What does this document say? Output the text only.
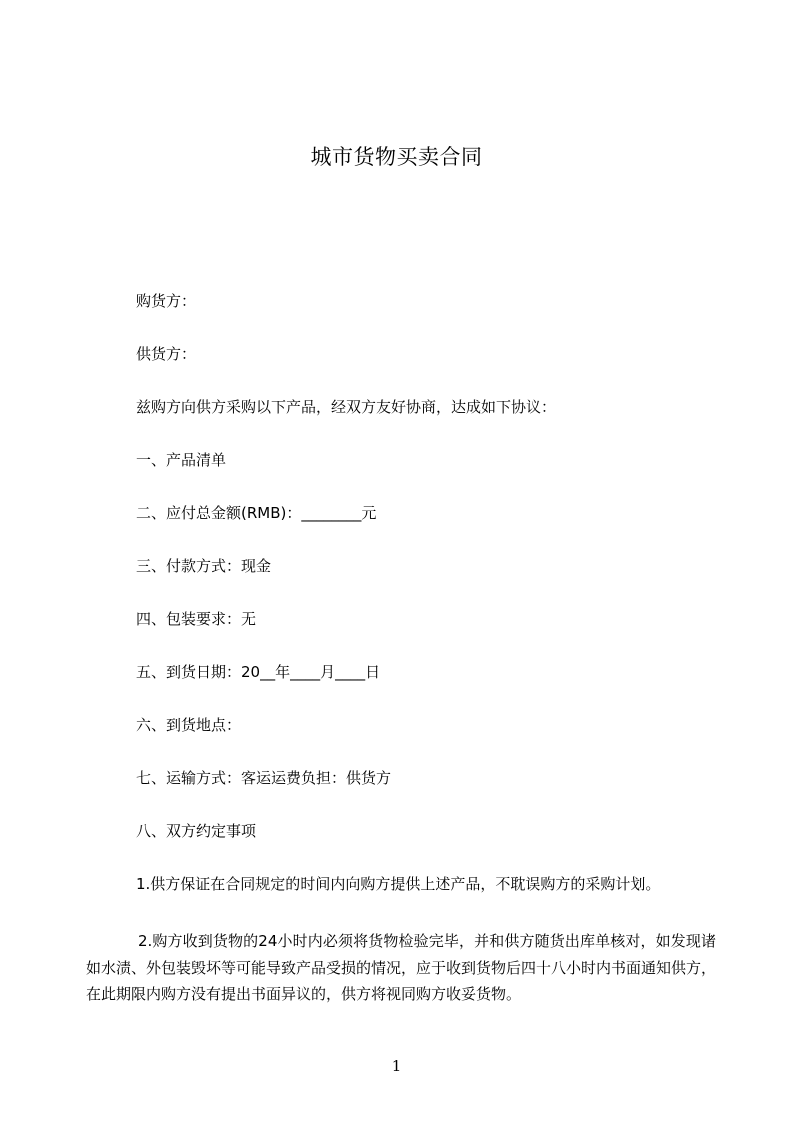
城市货物买卖合同
购货方：
供货方：
兹购方向供方采购以下产品，经双方友好协商，达成如下协议：
一、产品清单
二、应付总金额(RMB)：________元
三、付款方式：现金
四、包装要求：无
五、到货日期：20__年____月____日
六、到货地点：
七、运输方式：客运运费负担：供货方
八、双方约定事项
1.供方保证在合同规定的时间内向购方提供上述产品，不耽误购方的采购计划。
2.购方收到货物的24小时内必须将货物检验完毕，并和供方随货出库单核对，如发现诸如水渍、外包装毁坏等可能导致产品受损的情况，应于收到货物后四十八小时内书面通知供方，在此期限内购方没有提出书面异议的，供方将视同购方收妥货物。
1
